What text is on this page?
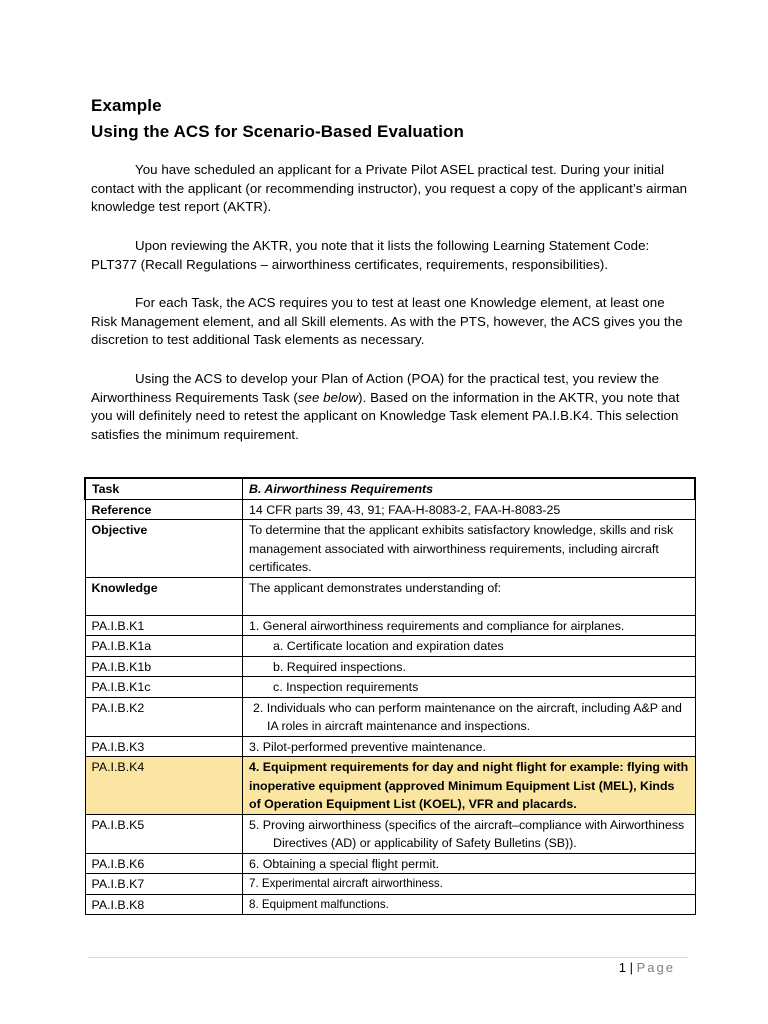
Example
Using the ACS for Scenario-Based Evaluation

You have scheduled an applicant for a Private Pilot ASEL practical test. During your initial contact with the applicant (or recommending instructor), you request a copy of the applicant’s airman knowledge test report (AKTR).

Upon reviewing the AKTR, you note that it lists the following Learning Statement Code: PLT377 (Recall Regulations – airworthiness certificates, requirements, responsibilities).

For each Task, the ACS requires you to test at least one Knowledge element, at least one Risk Management element, and all Skill elements. As with the PTS, however, the ACS gives you the discretion to test additional Task elements as necessary.

Using the ACS to develop your Plan of Action (POA) for the practical test, you review the Airworthiness Requirements Task (see below). Based on the information in the AKTR, you note that you will definitely need to retest the applicant on Knowledge Task element PA.I.B.K4. This selection satisfies the minimum requirement.

Task	B. Airworthiness Requirements
Reference	14 CFR parts 39, 43, 91; FAA-H-8083-2, FAA-H-8083-25
Objective	To determine that the applicant exhibits satisfactory knowledge, skills and risk management associated with airworthiness requirements, including aircraft certificates.
Knowledge	The applicant demonstrates understanding of:
PA.I.B.K1	1. General airworthiness requirements and compliance for airplanes.

PA.I.B.K1a	a. Certificate location and expiration dates

PA.I.B.K1b	b. Required inspections.

PA.I.B.K1c	c. Inspection requirements

PA.I.B.K2	2. Individuals who can perform maintenance on the aircraft, including A&P and IA roles in aircraft maintenance and inspections.

PA.I.B.K3	3. Pilot-performed preventive maintenance.

PA.I.B.K4	4. Equipment requirements for day and night flight for example: flying with inoperative equipment (approved Minimum Equipment List (MEL), Kinds of Operation Equipment List (KOEL), VFR and placards.

PA.I.B.K5	5. Proving airworthiness (specifics of the aircraft–compliance with Airworthiness Directives (AD) or applicability of Safety Bulletins (SB)).

PA.I.B.K6	6. Obtaining a special flight permit.

PA.I.B.K7	7. Experimental aircraft airworthiness.
PA.I.B.K8	8. Equipment malfunctions.
1 | Page
